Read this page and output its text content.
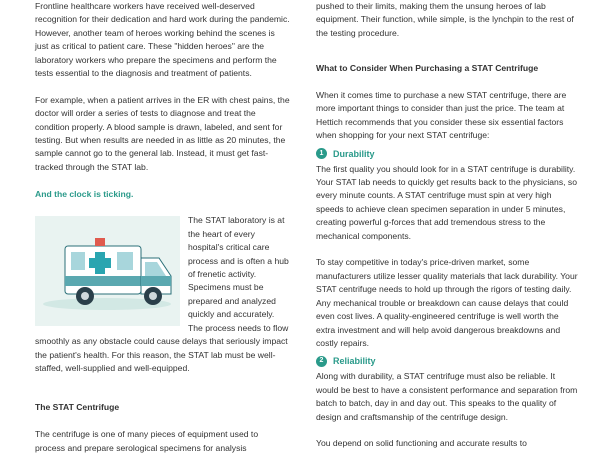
Frontline healthcare workers have received well-deserved recognition for their dedication and hard work during the pandemic. However, another team of heroes working behind the scenes is just as critical to patient care. These "hidden heroes" are the laboratory workers who prepare the specimens and perform the tests essential to the diagnosis and treatment of patients.

For example, when a patient arrives in the ER with chest pains, the doctor will order a series of tests to diagnose and treat the condition properly. A blood sample is drawn, labeled, and sent for testing. But when results are needed in as little as 20 minutes, the sample cannot go to the general lab. Instead, it must get fast-tracked through the STAT lab.

And the clock is ticking.

The STAT laboratory is at the heart of every hospital's critical care process and is often a hub of frenetic activity. Specimens must be prepared and analyzed quickly and accurately. The process needs to flow smoothly as any obstacle could cause delays that seriously impact the patient's health. For this reason, the STAT lab must be well-staffed, well-supplied and well-equipped.

The STAT Centrifuge

The centrifuge is one of many pieces of equipment used to process and prepare serological specimens for analysis

pushed to their limits, making them the unsung heroes of lab equipment. Their function, while simple, is the lynchpin to the rest of the testing procedure.

What to Consider When Purchasing a STAT Centrifuge

When it comes time to purchase a new STAT centrifuge, there are more important things to consider than just the price. The team at Hettich recommends that you consider these six essential factors when shopping for your next STAT centrifuge:

1	Durability

The first quality you should look for in a STAT centrifuge is durability. Your STAT lab needs to quickly get results back to the physicians, so every minute counts. A STAT centrifuge must spin at very high speeds to achieve clean specimen separation in under 5 minutes, creating powerful g-forces that add tremendous stress to the mechanical components.

To stay competitive in today's price-driven market, some manufacturers utilize lesser quality materials that lack durability. Your STAT centrifuge needs to hold up through the rigors of testing daily. Any mechanical trouble or breakdown can cause delays that could even cost lives. A quality-engineered centrifuge is well worth the extra investment and will help avoid dangerous breakdowns and costly repairs.

2	Reliability

Along with durability, a STAT centrifuge must also be reliable. It would be best to have a consistent performance and separation from batch to batch, day in and day out. This speaks to the quality of design and craftsmanship of the centrifuge design.

You depend on solid functioning and accurate results to
